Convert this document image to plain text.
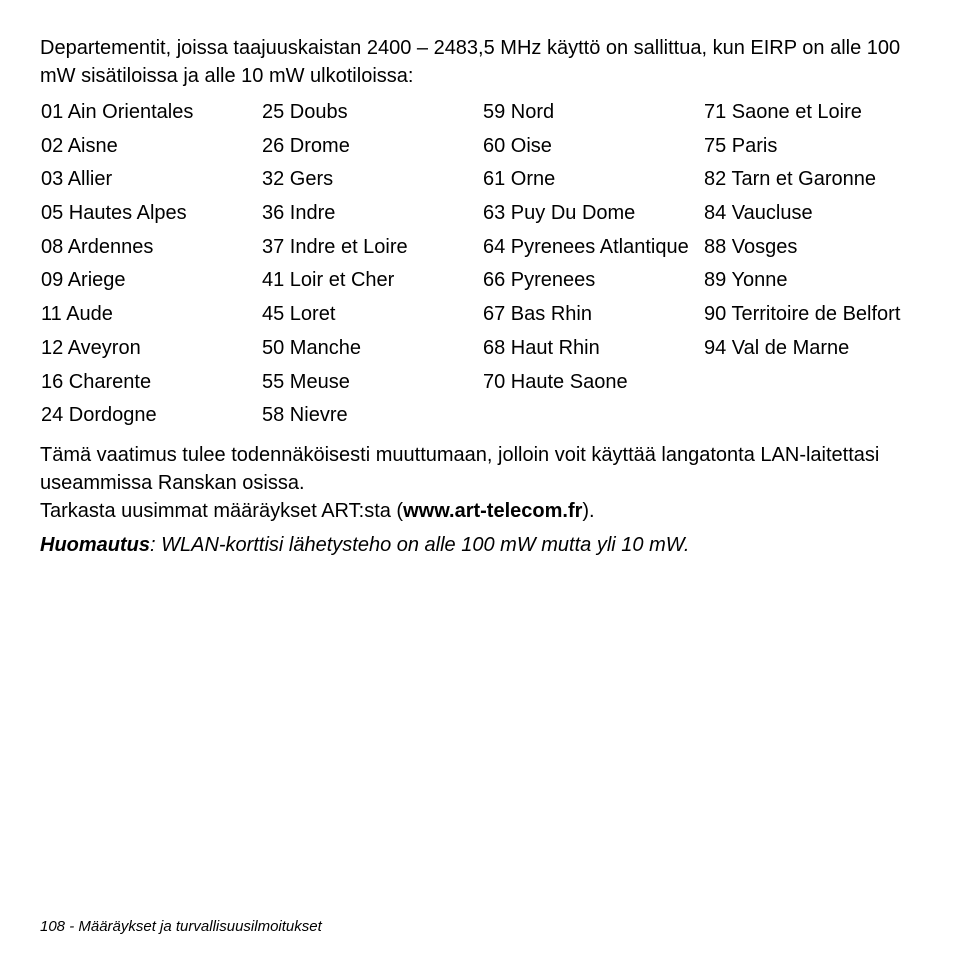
Departementit, joissa taajuuskaistan 2400 – 2483,5 MHz käyttö on sallittua, kun EIRP on alle 100 mW sisätiloissa ja alle 10 mW ulkotiloissa:

01 Ain Orientales
02 Aisne
03 Allier
05 Hautes Alpes
08 Ardennes
09 Ariege
11 Aude
12 Aveyron
16 Charente
24 Dordogne
25 Doubs
26 Drome
32 Gers
36 Indre
37 Indre et Loire
41 Loir et Cher
45 Loret
50 Manche
55 Meuse
58 Nievre
59 Nord
60 Oise
61 Orne
63 Puy Du Dome
64 Pyrenees Atlantique
66 Pyrenees
67 Bas Rhin
68 Haut Rhin
70 Haute Saone
71 Saone et Loire
75 Paris
82 Tarn et Garonne
84 Vaucluse
88 Vosges
89 Yonne
90 Territoire de Belfort
94 Val de Marne

Tämä vaatimus tulee todennäköisesti muuttumaan, jolloin voit käyttää langatonta LAN-laitettasi useammissa Ranskan osissa.

Tarkasta uusimmat määräykset ART:sta (www.art-telecom.fr).

Huomautus: WLAN-korttisi lähetysteho on alle 100 mW mutta yli 10 mW.

108 - Määräykset ja turvallisuusilmoitukset
